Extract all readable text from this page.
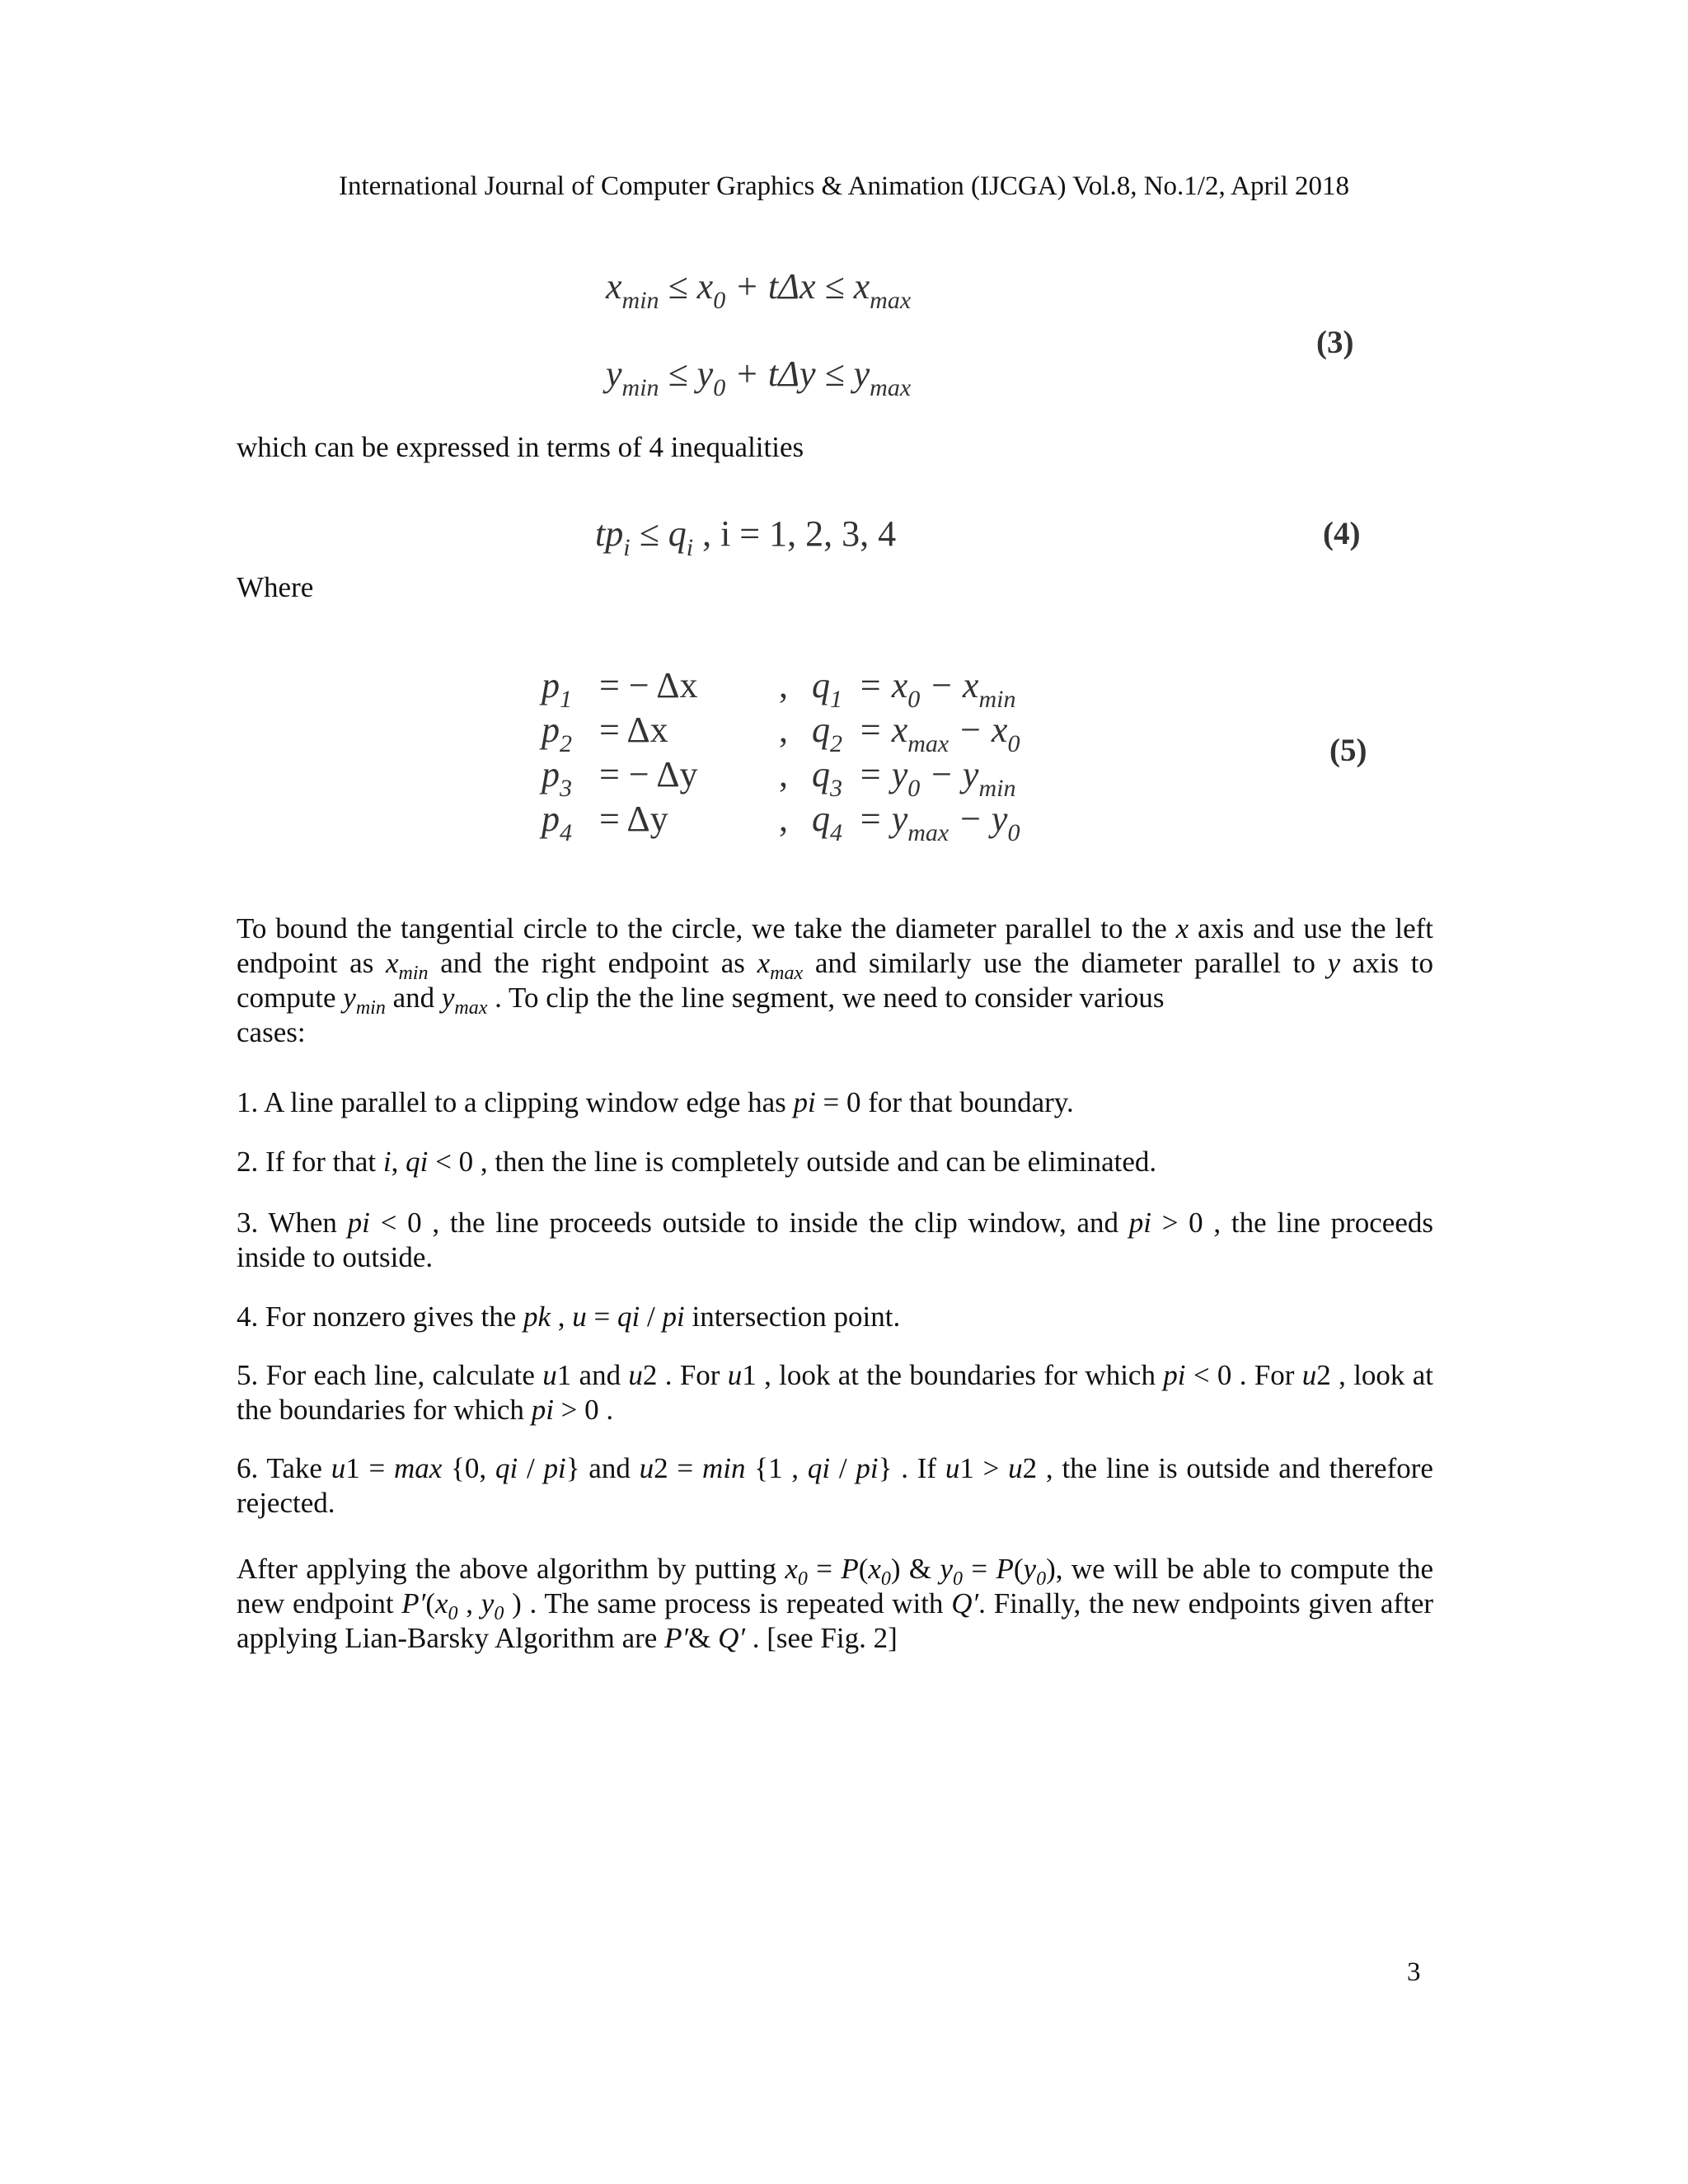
International Journal of Computer Graphics & Animation (IJCGA) Vol.8, No.1/2, April 2018
$x_{min} \le x_0 + t\Delta x \le x_{max}$
$y_{min} \le y_0 + t\Delta y \le y_{max}$
(3)
which can be expressed in terms of 4 inequalities
$tp_i \le q_i$ , i = 1, 2, 3, 4	(4)
Where
$p_1$ = − Δx , $q_1 = x_0 - x_{min}$
$p_2 = \Delta x$	, $q_2 = x_{max} - x_0$
$p_3$ = − Δy , $q_3 = y_0 - y_{min}$
$p_4 = \Delta y$	, $q_4 = y_{max} - y_0$
(5)
To bound the tangential circle to the circle, we take the diameter parallel to the x axis and use the left endpoint as $x_{min}$ and the right endpoint as $x_{max}$ and similarly use the diameter parallel to y axis to compute $y_{min}$ and $y_{max}$ . To clip the the line segment, we need to consider various
cases:
1. A line parallel to a clipping window edge has pi = 0 for that boundary.
2. If for that i, qi < 0 , then the line is completely outside and can be eliminated.
3. When pi < 0 , the line proceeds outside to inside the clip window, and pi > 0 , the line proceeds inside to outside.
4. For nonzero gives the pk , u = qi / pi intersection point.
5. For each line, calculate u1 and u2 . For u1 , look at the boundaries for which pi < 0 . For u2 , look at the boundaries for which pi > 0 .
6. Take u1 = max {0, qi / pi} and u2 = min {1 , qi / pi} . If u1 > u2 , the line is outside and therefore rejected.
After applying the above algorithm by putting $x_0 = P(x_0)$ & $y_0 = P(y_0)$, we will be able to compute the new endpoint $P'(x_0$ , $y_0$ ) . The same process is repeated with Q′. Finally, the new endpoints given after applying Lian-Barsky Algorithm are P′& Q′ . [see Fig. 2]
3
